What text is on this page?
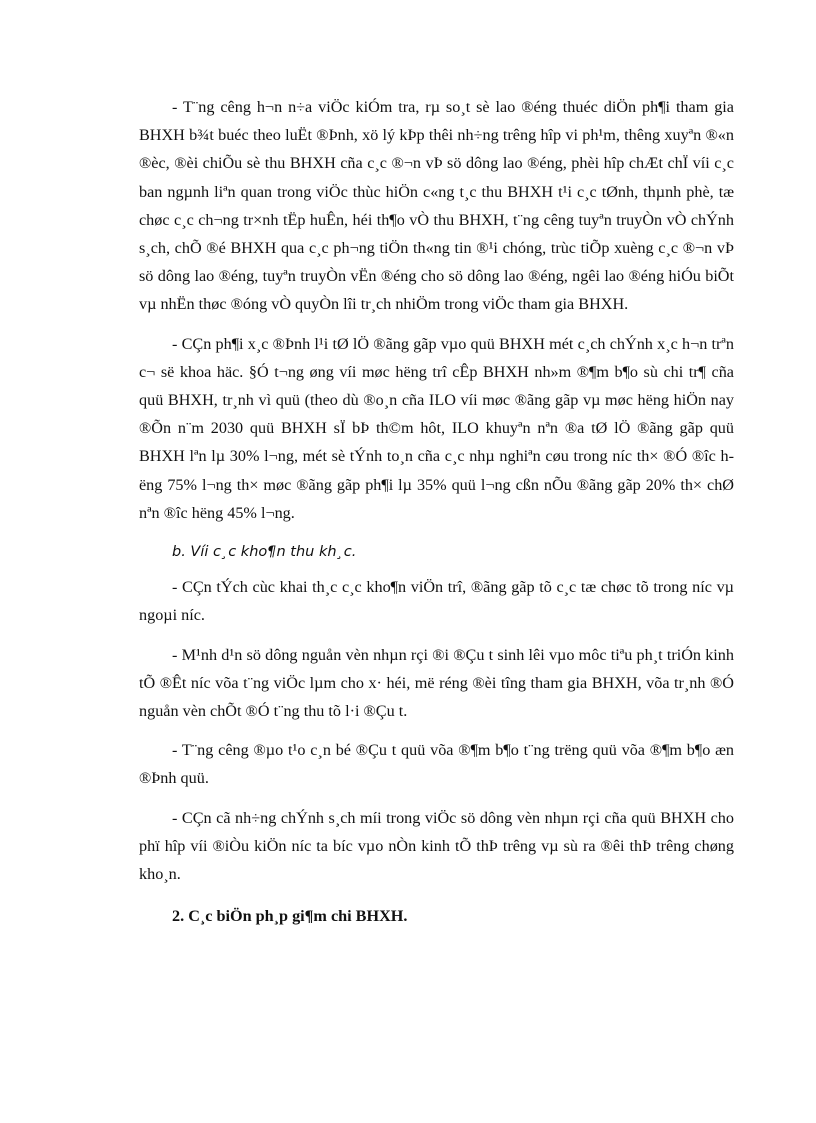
- T¨ng cêng h¬n n÷a viÖc kiÓm tra, rµ so¸t sè lao ®éng thuéc diÖn ph¶i tham gia BHXH b¾t buéc theo luËt ®Þnh, xö lý kÞp thêi nh÷ng trêng hîp vi ph¹m, thêng xuyªn ®«n ®èc, ®èi chiÕu sè thu BHXH cña c¸c ®¬n vÞ sö dông lao ®éng, phèi hîp chÆt chÏ víi c¸c ban ngµnh liªn quan trong viÖc thùc hiÖn c«ng t¸c thu BHXH t¹i c¸c tØnh, thµnh phè, tæ chøc c¸c ch¬ng tr×nh tËp huÊn, héi th¶o vÒ thu BHXH, t¨ng cêng tuyªn truyÒn vÒ chÝnh s¸ch, chÕ ®é BHXH qua c¸c ph¬ng tiÖn th«ng tin ®¹i chóng, trùc tiÕp xuèng c¸c ®¬n vÞ sö dông lao ®éng, tuyªn truyÒn vËn ®éng cho sö dông lao ®éng, ngêi lao ®éng hiÓu biÕt vµ nhËn thøc ®óng vÒ quyÒn lîi tr¸ch nhiÖm trong viÖc tham gia BHXH.

- CÇn ph¶i x¸c ®Þnh l¹i tØ lÖ ®ãng gãp vµo quü BHXH mét c¸ch chÝnh x¸c h¬n trªn c¬ së khoa häc. §Ó t¬ng øng víi møc hëng trî cÊp BHXH nh»m ®¶m b¶o sù chi tr¶ cña quü BHXH, tr¸nh vì quü (theo dù ®o¸n cña ILO víi møc ®ãng gãp vµ møc hëng hiÖn nay ®Õn n¨m 2030 quü BHXH sÏ bÞ th©m hôt, ILO khuyªn nªn ®a tØ lÖ ®ãng gãp quü BHXH lªn lµ 30% l¬ng, mét sè tÝnh to¸n cña c¸c nhµ nghiªn cøu trong níc th× ®Ó ®îc hëng 75% l¬ng th× møc ®ãng gãp ph¶i lµ 35% quü l¬ng cßn nÕu ®ãng gãp 20% th× chØ nªn ®îc hëng 45% l¬ng.

b. Víi c¸c kho¶n thu kh¸c.

- CÇn tÝch cùc khai th¸c c¸c kho¶n viÖn trî, ®ãng gãp tõ c¸c tæ chøc tõ trong níc vµ ngoµi níc.

- M¹nh d¹n sö dông nguån vèn nhµn rçi ®i ®Çu t sinh lêi vµo môc tiªu ph¸t triÓn kinh tÕ ®Êt níc võa t¨ng viÖc lµm cho x· héi, më réng ®èi tîng tham gia BHXH, võa tr¸nh ®Ó nguån vèn chÕt ®Ó t¨ng thu tõ l·i ®Çu t.

- T¨ng cêng ®µo t¹o c¸n bé ®Çu t quü võa ®¶m b¶o t¨ng trëng quü võa ®¶m b¶o æn ®Þnh quü.

- CÇn cã nh÷ng chÝnh s¸ch míi trong viÖc sö dông vèn nhµn rçi cña quü BHXH cho phï hîp víi ®iÒu kiÖn níc ta bíc vµo nÒn kinh tÕ thÞ trêng vµ sù ra ®êi thÞ trêng chøng kho¸n.

2. C¸c biÖn ph¸p gi¶m chi BHXH.
